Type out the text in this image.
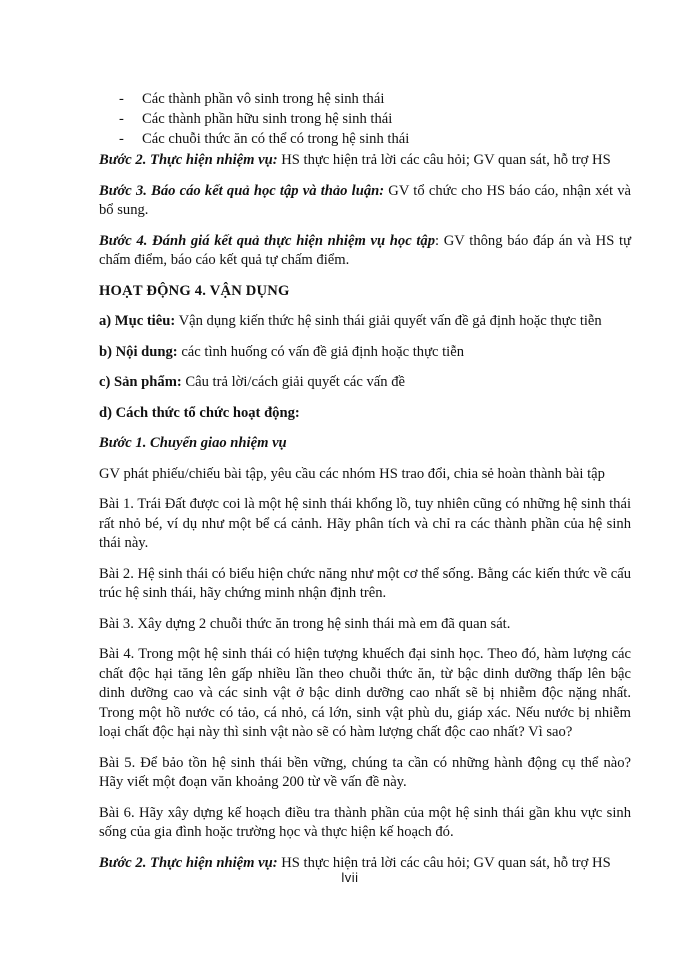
- Các thành phần vô sinh trong hệ sinh thái
- Các thành phần hữu sinh trong hệ sinh thái
- Các chuỗi thức ăn có thể có trong hệ sinh thái

Bước 2. Thực hiện nhiệm vụ: HS thực hiện trả lời các câu hỏi; GV quan sát, hỗ trợ HS

Bước 3. Báo cáo kết quả học tập và thảo luận: GV tổ chức cho HS báo cáo, nhận xét và bổ sung.

Bước 4. Đánh giá kết quả thực hiện nhiệm vụ học tập: GV thông báo đáp án và HS tự chấm điểm, báo cáo kết quả tự chấm điểm.

HOẠT ĐỘNG 4. VẬN DỤNG

a) Mục tiêu: Vận dụng kiến thức hệ sinh thái giải quyết vấn đề gả định hoặc thực tiễn

b) Nội dung: các tình huống có vấn đề giả định hoặc thực tiễn

c) Sản phẩm: Câu trả lời/cách giải quyết các vấn đề

d) Cách thức tổ chức hoạt động:

Bước 1. Chuyển giao nhiệm vụ

GV phát phiếu/chiếu bài tập, yêu cầu các nhóm HS trao đổi, chia sẻ hoàn thành bài tập

Bài 1. Trái Đất được coi là một hệ sinh thái khổng lồ, tuy nhiên cũng có những hệ sinh thái rất nhỏ bé, ví dụ như một bể cá cảnh. Hãy phân tích và chỉ ra các thành phần của hệ sinh thái này.

Bài 2. Hệ sinh thái có biểu hiện chức năng như một cơ thể sống. Bằng các kiến thức về cấu trúc hệ sinh thái, hãy chứng minh nhận định trên.

Bài 3. Xây dựng 2 chuỗi thức ăn trong hệ sinh thái mà em đã quan sát.

Bài 4. Trong một hệ sinh thái có hiện tượng khuếch đại sinh học. Theo đó, hàm lượng các chất độc hại tăng lên gấp nhiều lần theo chuỗi thức ăn, từ bậc dinh dưỡng thấp lên bậc dinh dưỡng cao và các sinh vật ở bậc dinh dưỡng cao nhất sẽ bị nhiễm độc nặng nhất. Trong một hồ nước có tảo, cá nhỏ, cá lớn, sinh vật phù du, giáp xác. Nếu nước bị nhiễm loại chất độc hại này thì sinh vật nào sẽ có hàm lượng chất độc cao nhất? Vì sao?

Bài 5. Để bảo tồn hệ sinh thái bền vững, chúng ta cần có những hành động cụ thể nào? Hãy viết một đoạn văn khoảng 200 từ về vấn đề này.

Bài 6. Hãy xây dựng kế hoạch điều tra thành phần của một hệ sinh thái gần khu vực sinh sống của gia đình hoặc trường học và thực hiện kế hoạch đó.

Bước 2. Thực hiện nhiệm vụ: HS thực hiện trả lời các câu hỏi; GV quan sát, hỗ trợ HS

lvii
